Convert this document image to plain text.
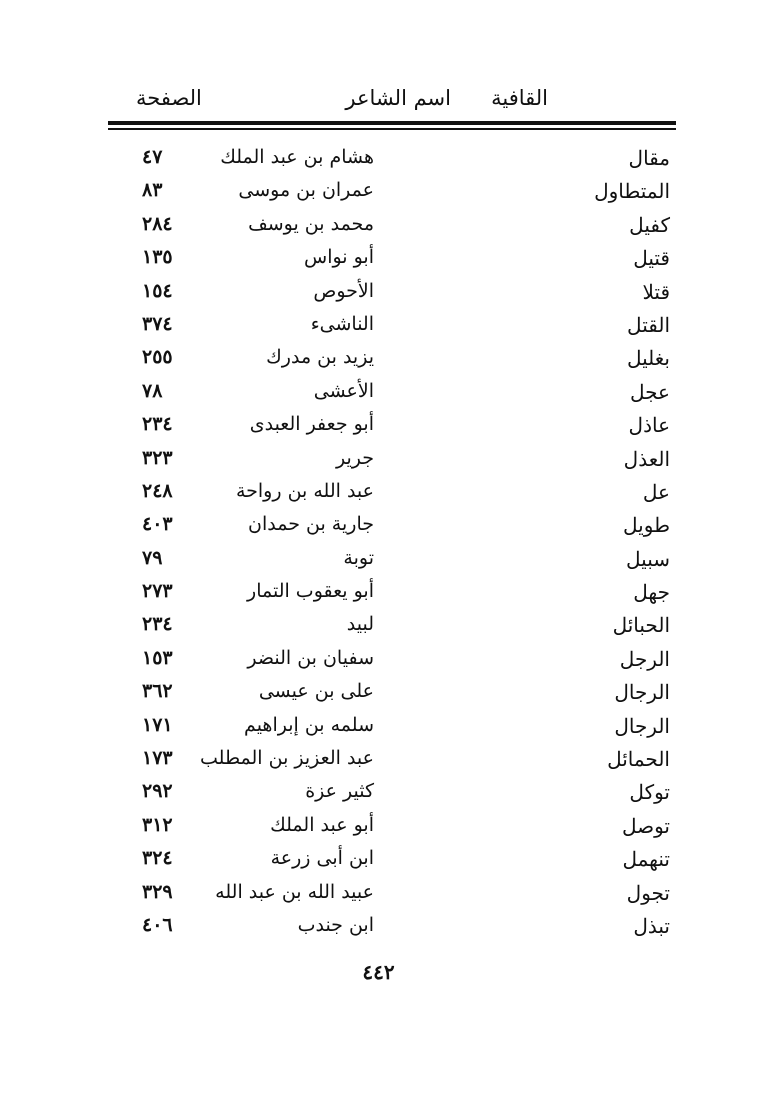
القافية
اسم الشاعر
الصفحة
مقال
هشام بن عبد الملك
٤٧
المتطاول
عمران بن موسى
٨٣
كفيل
محمد بن يوسف
٢٨٤
قتيل
أبو نواس
١٣٥
قتلا
الأحوص
١٥٤
القتل
الناشىء
٣٧٤
بغليل
يزيد بن مدرك
٢٥٥
عجل
الأعشى
٧٨
عاذل
أبو جعفر العبدى
٢٣٤
العذل
جرير
٣٢٣
عل
عبد الله بن رواحة
٢٤٨
طويل
جارية بن حمدان
٤٠٣
سبيل
توبة
٧٩
جهل
أبو يعقوب التمار
٢٧٣
الحبائل
لبيد
٢٣٤
الرجل
سفيان بن النضر
١٥٣
الرجال
على بن عيسى
٣٦٢
الرجال
سلمه بن إبراهيم
١٧١
الحمائل
عبد العزيز بن المطلب
١٧٣
توكل
كثير عزة
٢٩٢
توصل
أبو عبد الملك
٣١٢
تنهمل
ابن أبى زرعة
٣٢٤
تجول
عبيد الله بن عبد الله
٣٢٩
تبذل
ابن جندب
٤٠٦
٤٤٢
